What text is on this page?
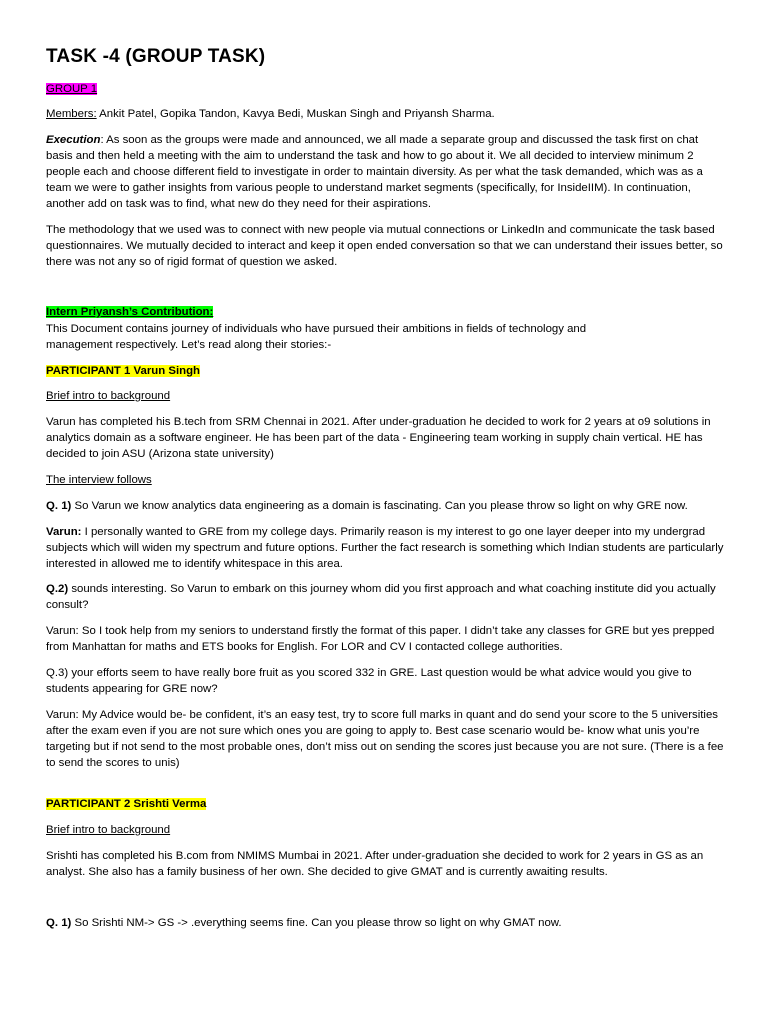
TASK -4 (GROUP TASK)
GROUP 1
Members: Ankit Patel, Gopika Tandon, Kavya Bedi, Muskan Singh and Priyansh Sharma.
Execution: As soon as the groups were made and announced, we all made a separate group and discussed the task first on chat basis and then held a meeting with the aim to understand the task and how to go about it. We all decided to interview minimum 2 people each and choose different field to investigate in order to maintain diversity. As per what the task demanded, which was as a team we were to gather insights from various people to understand market segments (specifically, for InsideIIM). In continuation, another add on task was to find, what new do they need for their aspirations.
The methodology that we used was to connect with new people via mutual connections or LinkedIn and communicate the task based questionnaires. We mutually decided to interact and keep it open ended conversation so that we can understand their issues better, so there was not any so of rigid format of question we asked.
Intern Priyansh’s Contribution:
This Document contains journey of individuals who have pursued their ambitions in fields of technology and
management respectively. Let’s read along their stories:-
PARTICIPANT 1 Varun Singh
Brief intro to background
Varun has completed his B.tech from SRM Chennai in 2021. After under-graduation he decided to work for 2 years at o9 solutions in analytics domain as a software engineer. He has been part of the data - Engineering team working in supply chain vertical. HE has decided to join ASU (Arizona state university)
The interview follows
Q. 1) So Varun we know analytics data engineering as a domain is fascinating. Can you please throw so light on why GRE now.
Varun: I personally wanted to GRE from my college days. Primarily reason is my interest to go one layer deeper into my undergrad subjects which will widen my spectrum and future options. Further the fact research is something which Indian students are particularly interested in allowed me to identify whitespace in this area.
Q.2) sounds interesting. So Varun to embark on this journey whom did you first approach and what coaching institute did you actually consult?
Varun: So I took help from my seniors to understand firstly the format of this paper. I didn’t take any classes for GRE but yes prepped from Manhattan for maths and ETS books for English. For LOR and CV I contacted college authorities.
Q.3) your efforts seem to have really bore fruit as you scored 332 in GRE. Last question would be what advice would you give to students appearing for GRE now?
Varun: My Advice would be- be confident, it’s an easy test, try to score full marks in quant and do send your score to the 5 universities after the exam even if you are not sure which ones you are going to apply to. Best case scenario would be- know what unis you’re targeting but if not send to the most probable ones, don’t miss out on sending the scores just because you are not sure. (There is a fee to send the scores to unis)
PARTICIPANT 2 Srishti Verma
Brief intro to background
Srishti has completed his B.com from NMIMS Mumbai in 2021. After under-graduation she decided to work for 2 years in GS as an analyst. She also has a family business of her own. She decided to give GMAT and is currently awaiting results.
Q. 1) So Srishti NM-> GS -> .everything seems fine. Can you please throw so light on why GMAT now.
